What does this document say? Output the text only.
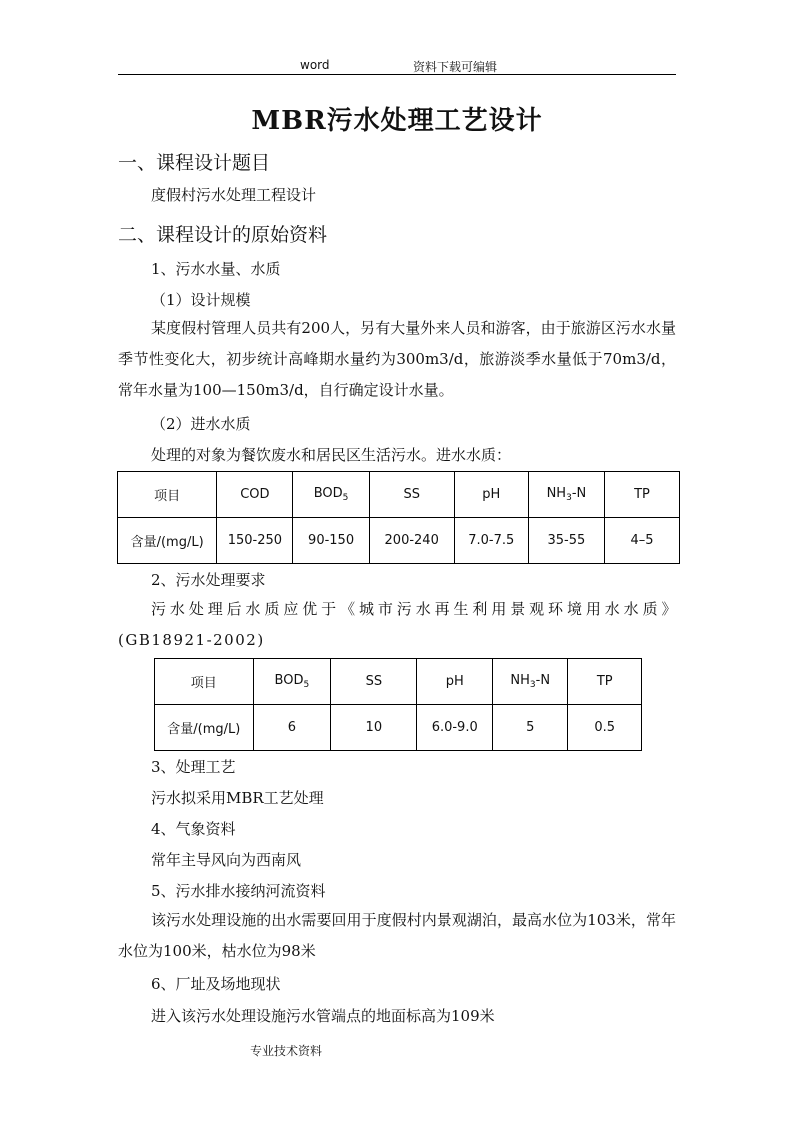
word	资料下载可编辑
MBR污水处理工艺设计
一、课程设计题目
度假村污水处理工程设计
二、课程设计的原始资料
1、污水水量、水质
（1）设计规模
某度假村管理人员共有200人，另有大量外来人员和游客，由于旅游区污水水量季节性变化大，初步统计高峰期水量约为300m3/d，旅游淡季水量低于70m3/d，常年水量为100—150m3/d，自行确定设计水量。
（2）进水水质
处理的对象为餐饮废水和居民区生活污水。进水水质：
项目	COD	$BOD_5$	SS	pH	$NH_3-N$	TP
含量/(mg/L)	150-250	90-150	200-240	7.0-7.5	35-55	4–5
2、污水处理要求
污水处理后水质应优于《城市污水再生利用景观环境用水水质》(GB18921-2002)
项目	$BOD_5$	SS	pH	$NH_3-N$	TP
含量/(mg/L)	6	10	6.0-9.0	5	0.5
3、处理工艺
污水拟采用MBR工艺处理
4、气象资料
常年主导风向为西南风
5、污水排水接纳河流资料
该污水处理设施的出水需要回用于度假村内景观湖泊，最高水位为103米，常年水位为100米，枯水位为98米
6、厂址及场地现状
进入该污水处理设施污水管端点的地面标高为109米
专业技术资料
